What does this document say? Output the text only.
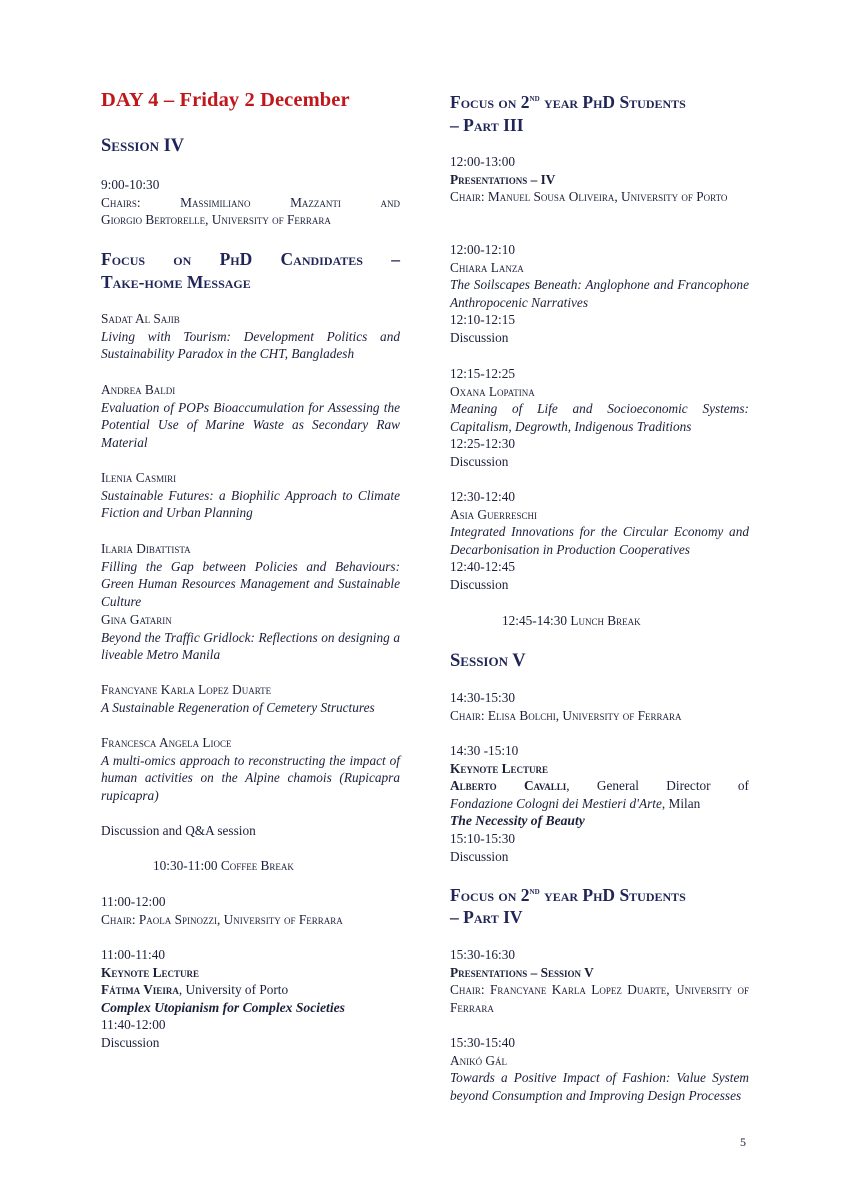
DAY 4 – Friday 2 December
Session IV

9:00-10:30

Chairs: Massimiliano Mazzanti and

Giorgio Bertorelle, University of Ferrara

Focus on PhD Candidates –
Take-home Message

Sadat Al Sajib

Living with Tourism: Development Politics and Sustainability Paradox in the CHT, Bangladesh

Andrea Baldi

Evaluation of POPs Bioaccumulation for Assessing the Potential Use of Marine Waste as Secondary Raw Material

Ilenia Casmiri

Sustainable Futures: a Biophilic Approach to Climate Fiction and Urban Planning

Ilaria Dibattista

Filling the Gap between Policies and Behaviours: Green Human Resources Management and Sustainable Culture

Gina Gatarin

Beyond the Traffic Gridlock: Reflections on designing a liveable Metro Manila

Francyane Karla Lopez Duarte

A Sustainable Regeneration of Cemetery Structures

Francesca Angela Lioce

A multi-omics approach to reconstructing the impact of human activities on the Alpine chamois (Rupicapra rupicapra)

Discussion and Q&A session
10:30-11:00 Coffee Break

11:00-12:00

Chair: Paola Spinozzi, University of Ferrara

11:00-11:40

Keynote Lecture

Fátima Vieira, University of Porto

Complex Utopianism for Complex Societies

11:40-12:00

Discussion

Focus on 2nd year PhD Students
– Part III

12:00-13:00

Presentations – IV

Chair: Manuel Sousa Oliveira, University of Porto

12:00-12:10

Chiara Lanza

The Soilscapes Beneath: Anglophone and Francophone Anthropocenic Narratives

12:10-12:15

Discussion

12:15-12:25

Oxana Lopatina

Meaning of Life and Socioeconomic Systems: Capitalism, Degrowth, Indigenous Traditions

12:25-12:30

Discussion

12:30-12:40

Asia Guerreschi

Integrated Innovations for the Circular Economy and Decarbonisation in Production Cooperatives

12:40-12:45

Discussion

12:45-14:30 Lunch Break
Session V

14:30-15:30

Chair: Elisa Bolchi, University of Ferrara

14:30 -15:10

Keynote Lecture

Alberto Cavalli, General Director of

Fondazione Cologni dei Mestieri d'Arte, Milan

The Necessity of Beauty

15:10-15:30

Discussion

Focus on 2nd year PhD Students
– Part IV

15:30-16:30

Presentations – Session V

Chair: Francyane Karla Lopez Duarte, University of Ferrara

15:30-15:40

Anikó Gál

Towards a Positive Impact of Fashion: Value System beyond Consumption and Improving Design Processes

5
